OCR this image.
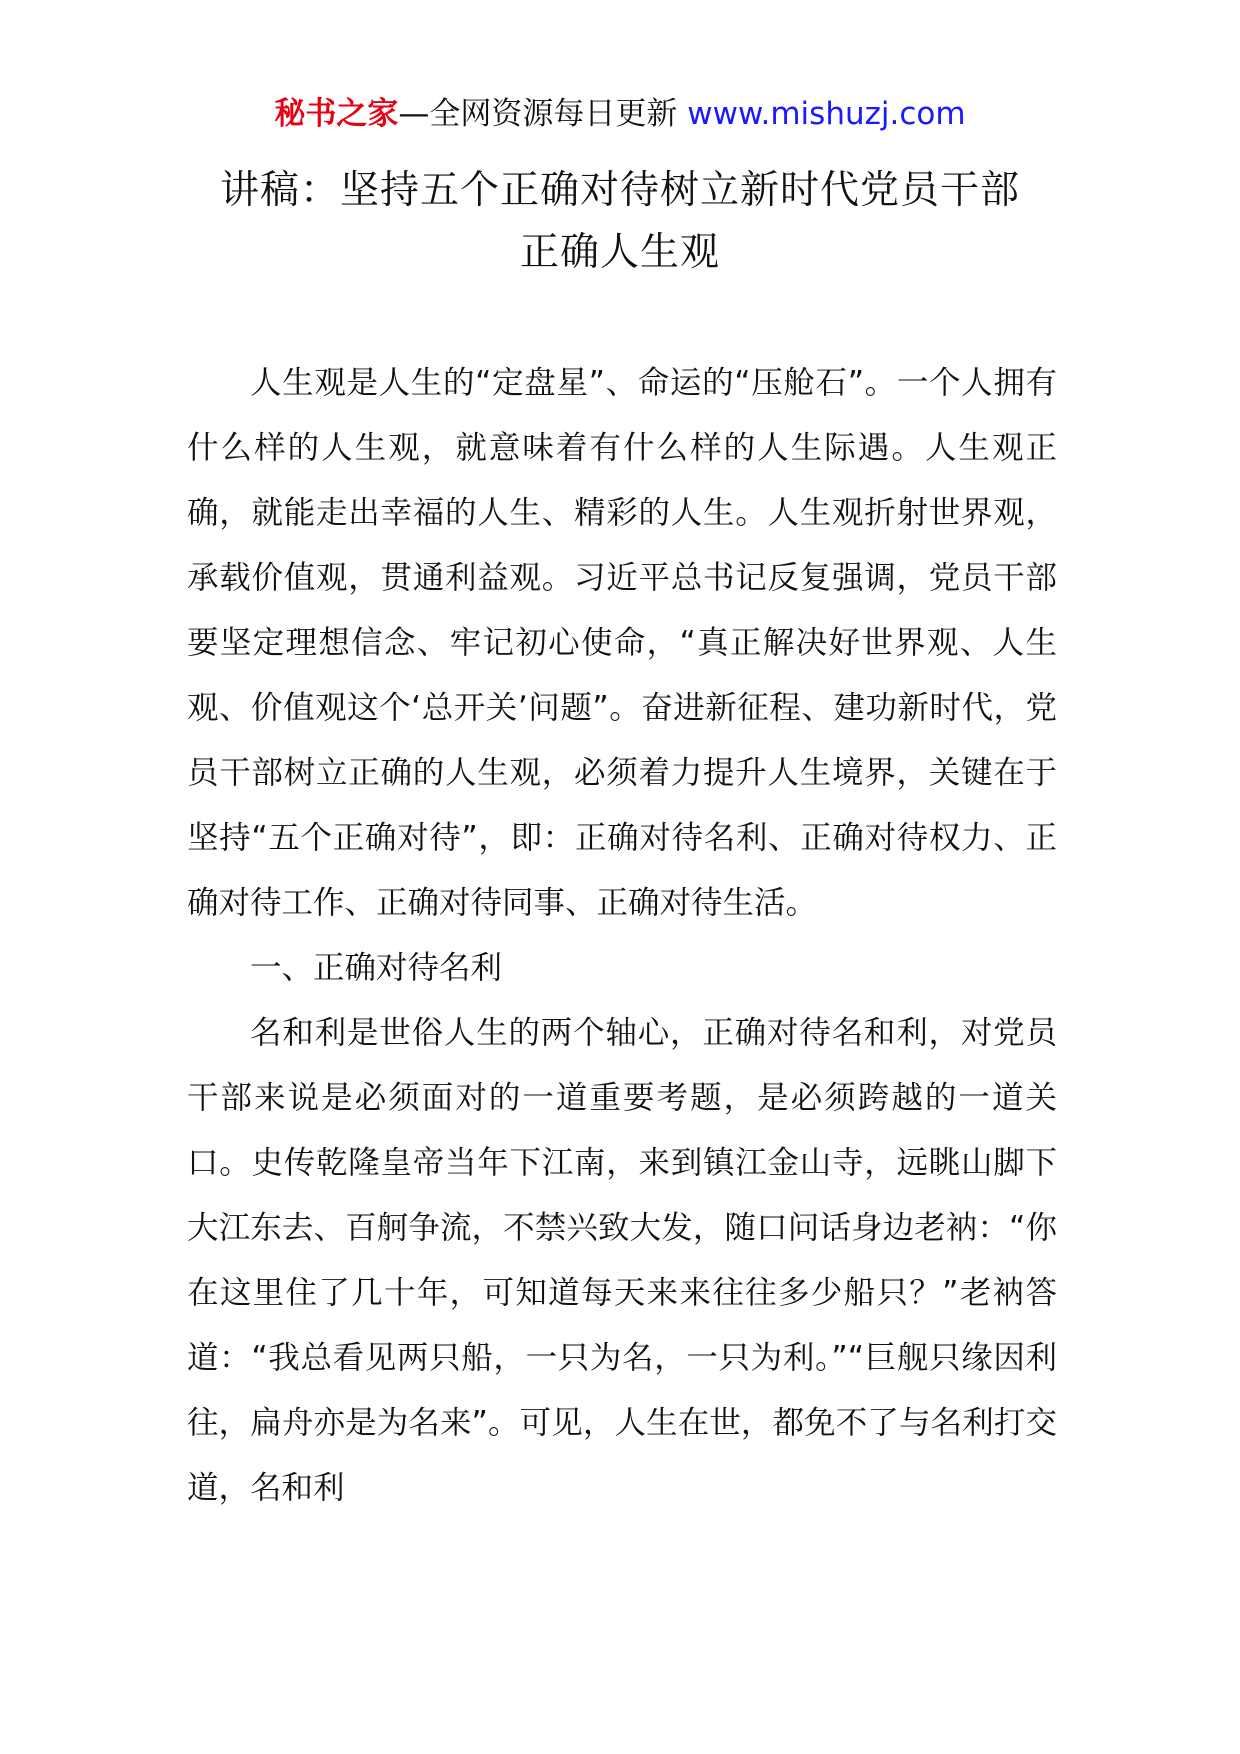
秘书之家—全网资源每日更新 www.mishuzj.com
讲稿：坚持五个正确对待树立新时代党员干部
正确人生观

人生观是人生的“定盘星”、命运的“压舱石”。一个人拥有什么样的人生观，就意味着有什么样的人生际遇。人生观正确，就能走出幸福的人生、精彩的人生。人生观折射世界观，承载价值观，贯通利益观。习近平总书记反复强调，党员干部要坚定理想信念、牢记初心使命，“真正解决好世界观、人生观、价值观这个‘总开关’问题”。奋进新征程、建功新时代，党员干部树立正确的人生观，必须着力提升人生境界，关键在于坚持“五个正确对待”，即：正确对待名利、正确对待权力、正确对待工作、正确对待同事、正确对待生活。

一、正确对待名利

名和利是世俗人生的两个轴心，正确对待名和利，对党员干部来说是必须面对的一道重要考题，是必须跨越的一道关口。史传乾隆皇帝当年下江南，来到镇江金山寺，远眺山脚下大江东去、百舸争流，不禁兴致大发，随口问话身边老衲：“你在这里住了几十年，可知道每天来来往往多少船只？”老衲答道：“我总看见两只船，一只为名，一只为利。”“巨舰只缘因利往，扁舟亦是为名来”。可见，人生在世，都免不了与名利打交道，名和利
